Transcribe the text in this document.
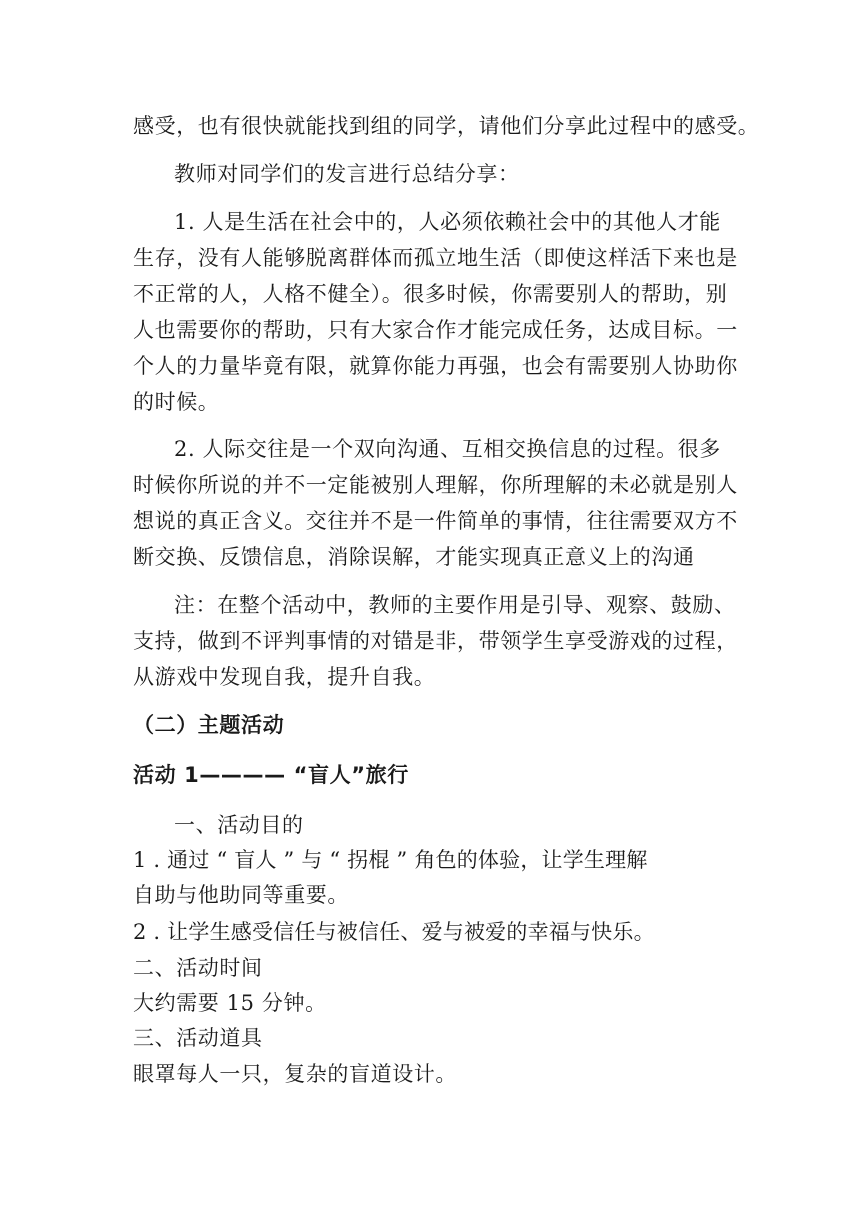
感受，也有很快就能找到组的同学，请他们分享此过程中的感受。
教师对同学们的发言进行总结分享：
1. 人是生活在社会中的，人必须依赖社会中的其他人才能
生存，没有人能够脱离群体而孤立地生活（即使这样活下来也是
不正常的人，人格不健全）。很多时候，你需要别人的帮助，别
人也需要你的帮助，只有大家合作才能完成任务，达成目标。一
个人的力量毕竟有限，就算你能力再强，也会有需要别人协助你
的时候。
2. 人际交往是一个双向沟通、互相交换信息的过程。很多
时候你所说的并不一定能被别人理解，你所理解的未必就是别人
想说的真正含义。交往并不是一件简单的事情，往往需要双方不
断交换、反馈信息，消除误解，才能实现真正意义上的沟通
注：在整个活动中，教师的主要作用是引导、观察、鼓励、
支持，做到不评判事情的对错是非，带领学生享受游戏的过程，
从游戏中发现自我，提升自我。
（二）主题活动
活动 1———— “盲人”旅行
一、活动目的
1 . 通过 “ 盲人 ” 与 “ 拐棍 ” 角色的体验，让学生理解
自助与他助同等重要。
2 . 让学生感受信任与被信任、爱与被爱的幸福与快乐。
二、活动时间
大约需要 15 分钟。
三、活动道具
眼罩每人一只，复杂的盲道设计。
